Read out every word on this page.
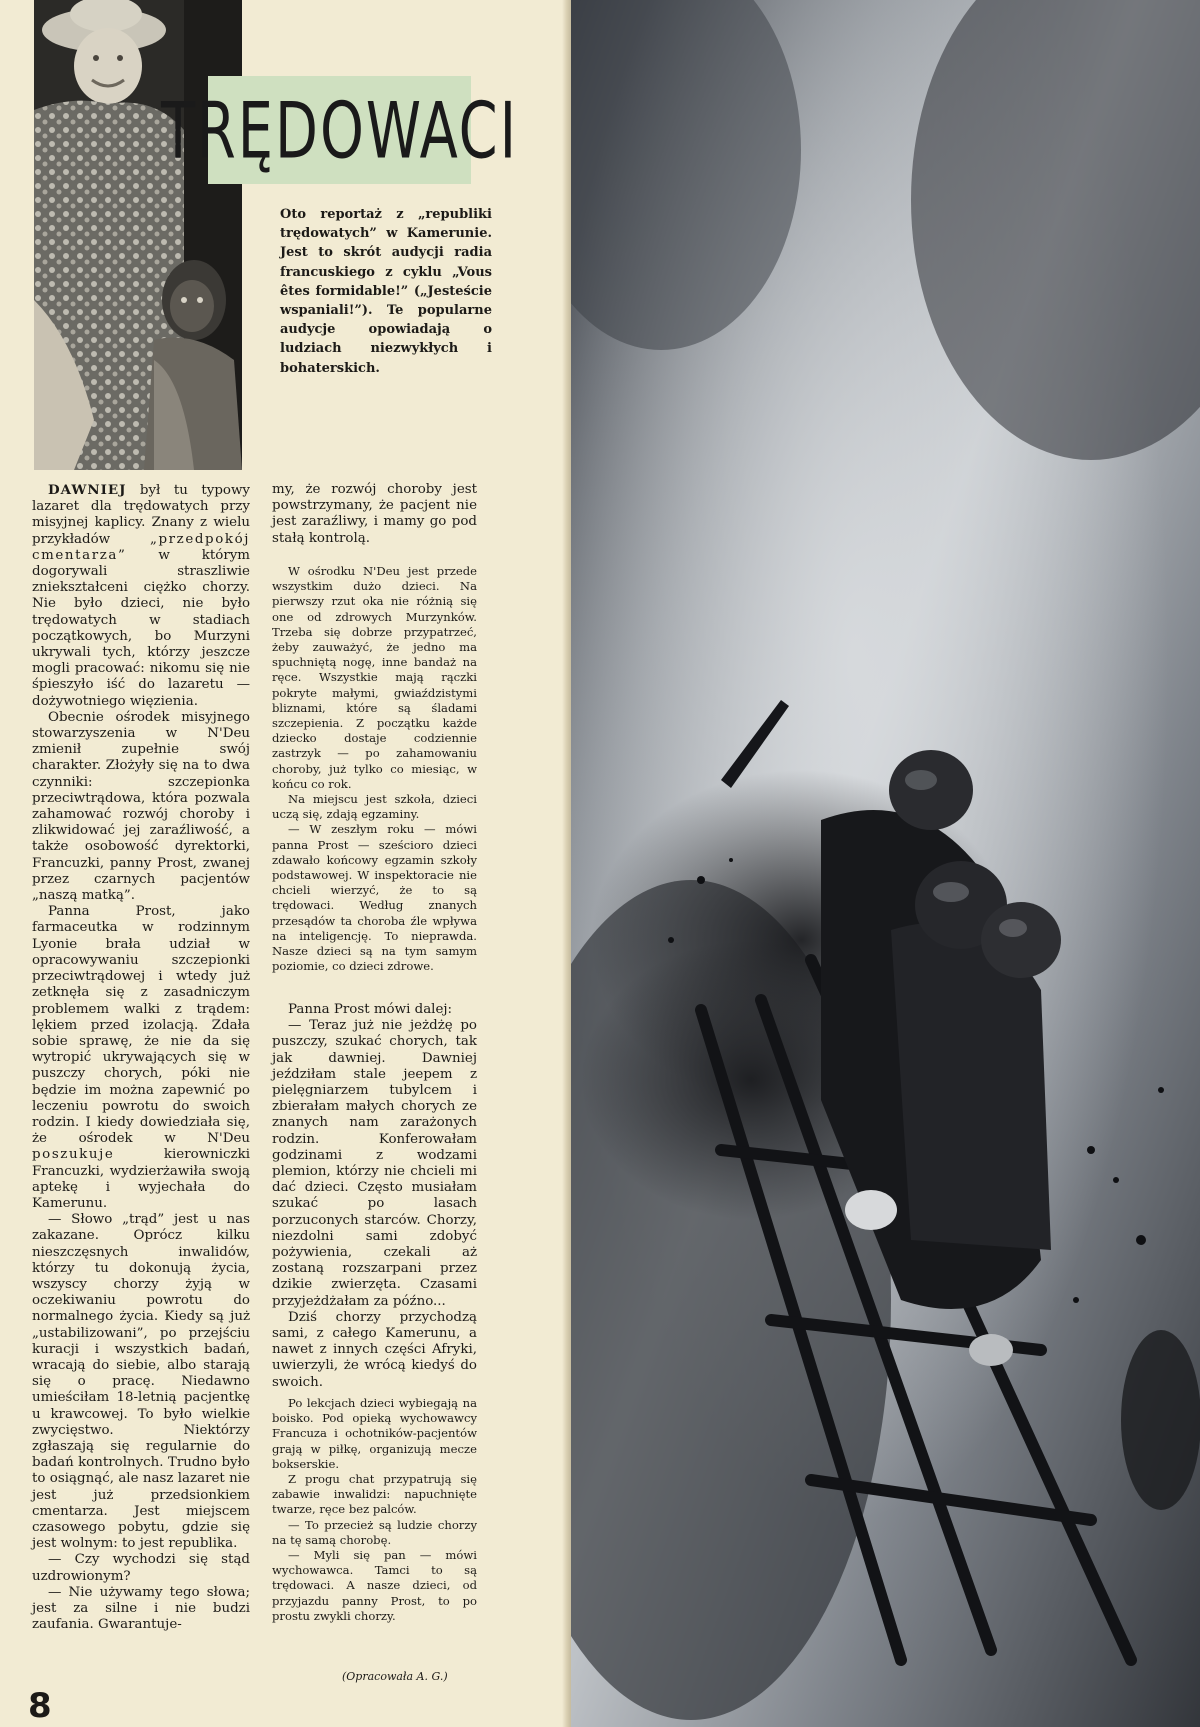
TRĘDOWACI
Oto reportaż z „republiki trędowatych” w Kamerunie. Jest to skrót audycji radia francuskiego z cyklu „Vous êtes formidable!” („Jesteście wspaniali!”). Te popularne audycje opowiadają o ludziach niezwykłych i bohaterskich.

DAWNIEJ był tu typowy lazaret dla trędowatych przy misyjnej kaplicy. Znany z wielu przykładów	„przedpokój cmentarza” w którym dogorywali straszliwie zniekształceni ciężko chorzy. Nie było dzieci, nie było trędowatych w stadiach początkowych, bo Murzyni ukrywali tych, którzy jeszcze mogli pracować: nikomu się nie śpieszyło iść do lazaretu — dożywotniego więzienia.

Obecnie ośrodek misyjnego stowarzyszenia w N'Deu zmienił zupełnie swój charakter. Złożyły się na to dwa czynniki: szczepionka przeciwtrądowa, która pozwala zahamować rozwój choroby i zlikwidować jej zaraźliwość, a także osobowość dyrektorki, Francuzki, panny Prost, zwanej przez czarnych pacjentów „naszą matką”.

Panna Prost, jako farmaceutka w rodzinnym Lyonie brała udział w opracowywaniu szczepionki przeciwtrądowej i wtedy już zetknęła się z zasadniczym problemem walki z trądem: lękiem przed izolacją. Zdała sobie sprawę, że nie da się wytropić ukrywających się w puszczy chorych, póki nie będzie im można zapewnić po leczeniu powrotu do swoich rodzin. I kiedy dowiedziała się, że ośrodek w N'Deu poszukuje	kierowniczki Francuzki, wydzierżawiła swoją aptekę i wyjechała do Kamerunu.

— Słowo „trąd” jest u nas zakazane. Oprócz kilku nieszczęsnych inwalidów, którzy tu dokonują życia, wszyscy chorzy żyją w oczekiwaniu powrotu do normalnego życia. Kiedy są już „ustabilizowani”, po przejściu kuracji i wszystkich badań, wracają do siebie, albo starają się o pracę. Niedawno umieściłam 18-letnią pacjentkę u krawcowej. To było wielkie zwycięstwo. Niektórzy zgłaszają się regularnie do badań kontrolnych. Trudno było to osiągnąć, ale nasz lazaret nie jest już przedsionkiem cmentarza. Jest miejscem czasowego pobytu, gdzie się jest wolnym: to jest republika.

— Czy wychodzi się stąd uzdrowionym?

— Nie używamy tego słowa; jest za silne i nie budzi zaufania. Gwarantuje-

my, że rozwój choroby jest powstrzymany, że pacjent nie jest zaraźliwy, i mamy go pod stałą kontrolą.

W ośrodku N'Deu jest przede wszystkim dużo dzieci. Na pierwszy rzut oka nie różnią się one od zdrowych Murzynków. Trzeba się dobrze przypatrzeć, żeby zauważyć, że jedno ma spuchniętą nogę, inne bandaż na ręce. Wszystkie mają rączki pokryte małymi, gwiaździstymi bliznami, które są śladami szczepienia. Z początku każde dziecko dostaje codziennie zastrzyk — po zahamowaniu choroby, już tylko co miesiąc, w końcu co rok.

Na miejscu jest szkoła, dzieci uczą się, zdają egzaminy.

— W zeszłym roku — mówi panna Prost — sześcioro dzieci zdawało końcowy egzamin szkoły podstawowej. W inspektoracie nie chcieli wierzyć, że to są trędowaci. Według znanych przesądów ta choroba źle wpływa na inteligencję. To nieprawda. Nasze dzieci są na tym samym poziomie, co dzieci zdrowe.

Panna Prost mówi dalej:

— Teraz już nie jeżdżę po puszczy, szukać chorych, tak jak dawniej. Dawniej jeździłam stale jeepem z pielęgniarzem tubylcem i zbierałam małych chorych ze znanych nam zarażonych rodzin. Konferowałam godzinami z wodzami plemion, którzy nie chcieli mi dać dzieci. Często musiałam szukać po lasach porzuconych starców. Chorzy, niezdolni sami zdobyć pożywienia, czekali aż zostaną rozszarpani przez dzikie zwierzęta. Czasami przyjeżdżałam za późno...

Dziś chorzy przychodzą sami, z całego Kamerunu, a nawet z innych części Afryki, uwierzyli, że wrócą kiedyś do swoich.

Po lekcjach dzieci wybiegają na boisko. Pod opieką wychowawcy Francuza i ochotników-pacjentów grają w piłkę, organizują mecze bokserskie.

Z progu chat przypatrują się zabawie inwalidzi: napuchnięte twarze, ręce bez palców.

— To przecież są ludzie chorzy na tę samą chorobę.

— Myli się pan — mówi wychowawca. Tamci to są trędowaci. A nasze dzieci, od przyjazdu panny Prost, to po prostu zwykli chorzy.

(Opracowała A. G.)
8
